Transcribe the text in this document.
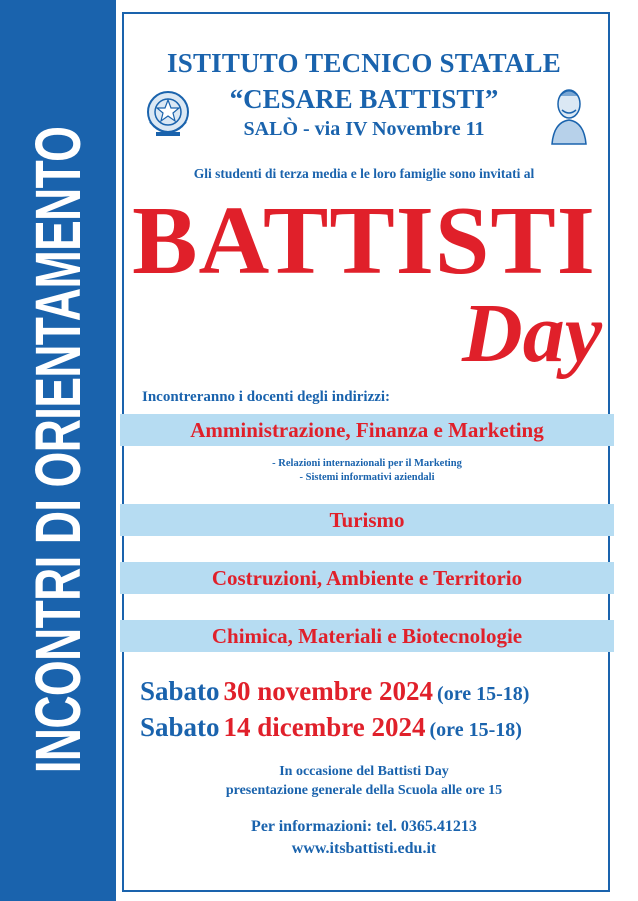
INCONTRI DI ORIENTAMENTO
ISTITUTO TECNICO STATALE
“CESARE BATTISTI”
SALÒ - via IV Novembre 11
Gli studenti di terza media e le loro famiglie sono invitati al
BATTISTI
Day
Incontreranno i docenti degli indirizzi:
Amministrazione, Finanza e Marketing
- Relazioni internazionali per il Marketing
- Sistemi informativi aziendali
Turismo
Costruzioni, Ambiente e Territorio
Chimica, Materiali e Biotecnologie
Sabato 30 novembre 2024 (ore 15-18)
Sabato 14 dicembre 2024 (ore 15-18)
In occasione del Battisti Day
presentazione generale della Scuola alle ore 15
Per informazioni: tel. 0365.41213
www.itsbattisti.edu.it
